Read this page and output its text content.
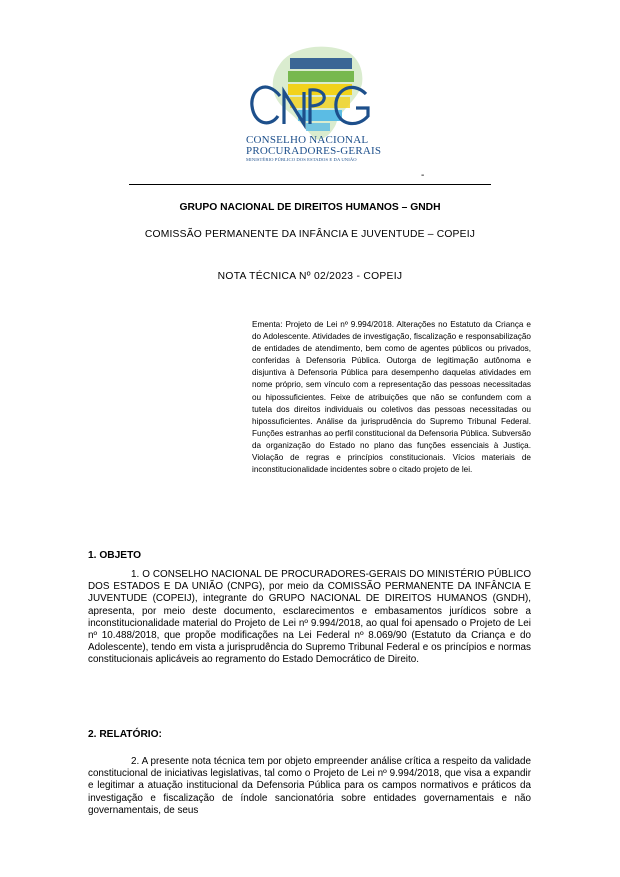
CONSELHO NACIONAL
PROCURADORES-GERAIS
MINISTÉRIO PÚBLICO DOS ESTADOS E DA UNIÃO
-
GRUPO NACIONAL DE DIREITOS HUMANOS – GNDH
COMISSÃO PERMANENTE DA INFÂNCIA E JUVENTUDE – COPEIJ
NOTA TÉCNICA Nº 02/2023 - COPEIJ
Ementa: Projeto de Lei nº 9.994/2018. Alterações no Estatuto da Criança e do Adolescente. Atividades de investigação, fiscalização e responsabilização de entidades de atendimento, bem como de agentes públicos ou privados, conferidas à Defensoria Pública. Outorga de legitimação autônoma e disjuntiva à Defensoria Pública para desempenho daquelas atividades em nome próprio, sem vínculo com a representação das pessoas necessitadas ou hipossuficientes. Feixe de atribuições que não se confundem com a tutela dos direitos individuais ou coletivos das pessoas necessitadas ou hipossuficientes. Análise da jurisprudência do Supremo Tribunal Federal. Funções estranhas ao perfil constitucional da Defensoria Pública. Subversão da organização do Estado no plano das funções essenciais à Justiça. Violação de regras e princípios constitucionais. Vícios materiais de inconstitucionalidade incidentes sobre o citado projeto de lei.
1. OBJETO

1. O CONSELHO NACIONAL DE PROCURADORES-GERAIS DO MINISTÉRIO PÚBLICO DOS ESTADOS E DA UNIÃO (CNPG), por meio da COMISSÃO PERMANENTE DA INFÂNCIA E JUVENTUDE (COPEIJ), integrante do GRUPO NACIONAL DE DIREITOS HUMANOS (GNDH), apresenta, por meio deste documento, esclarecimentos e embasamentos jurídicos sobre a inconstitucionalidade material do Projeto de Lei nº 9.994/2018, ao qual foi apensado o Projeto de Lei nº 10.488/2018, que propõe modificações na Lei Federal nº 8.069/90 (Estatuto da Criança e do Adolescente), tendo em vista a jurisprudência do Supremo Tribunal Federal e os princípios e normas constitucionais aplicáveis ao regramento do Estado Democrático de Direito.

2. RELATÓRIO:

2. A presente nota técnica tem por objeto empreender análise crítica a respeito da validade constitucional de iniciativas legislativas, tal como o Projeto de Lei nº 9.994/2018, que visa a expandir e legitimar a atuação institucional da Defensoria Pública para os campos normativos e práticos da investigação e fiscalização de índole sancionatória sobre entidades governamentais e não governamentais, de seus
